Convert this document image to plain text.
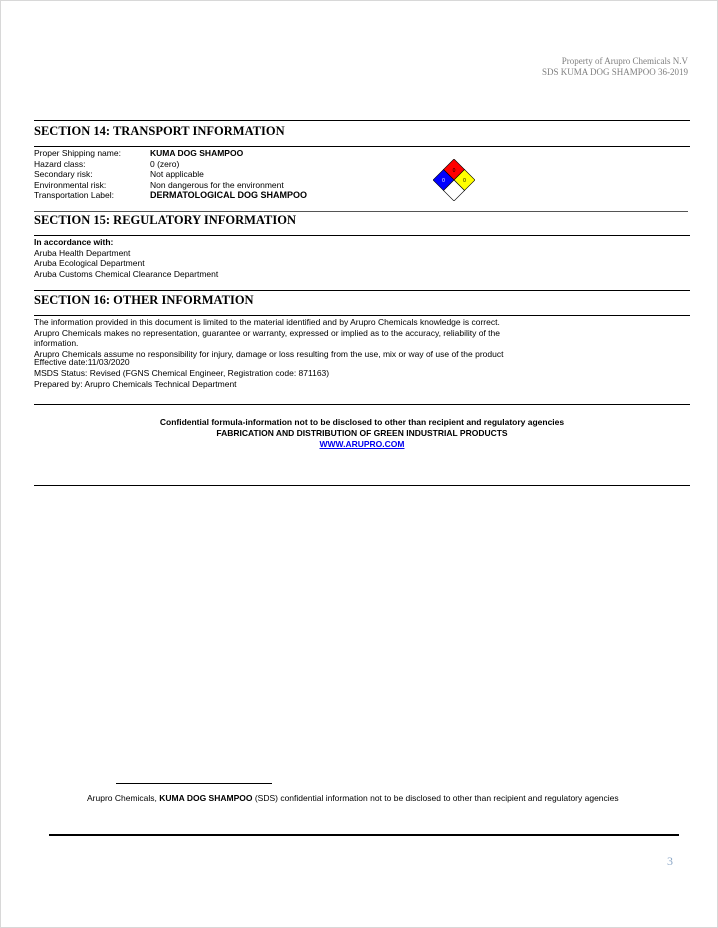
Property of Arupro Chemicals N.V
SDS KUMA DOG SHAMPOO 36-2019
SECTION 14: TRANSPORT INFORMATION
Proper Shipping name:	KUMA DOG SHAMPOO
Hazard class:	0 (zero)
Secondary risk:	Not applicable
Environmental risk:	Non dangerous for the environment
Transportation Label:	DERMATOLOGICAL DOG SHAMPOO
0
0	0
SECTION 15: REGULATORY INFORMATION
In accordance with:
Aruba Health Department
Aruba Ecological Department
Aruba Customs Chemical Clearance Department
SECTION 16: OTHER INFORMATION
The information provided in this document is limited to the material identified and by Arupro Chemicals knowledge is correct.
Arupro Chemicals makes no representation, guarantee or warranty, expressed or implied as to the accuracy, reliability of the
information.
Arupro Chemicals assume no responsibility for injury, damage or loss resulting from the use, mix or way of use of the product
Effective date:11/03/2020
MSDS Status: Revised (FGNS Chemical Engineer, Registration code: 871163)
Prepared by: Arupro Chemicals Technical Department
Confidential formula-information not to be disclosed to other than recipient and regulatory agencies
FABRICATION AND DISTRIBUTION OF GREEN INDUSTRIAL PRODUCTS
WWW.ARUPRO.COM
Arupro Chemicals, KUMA DOG SHAMPOO (SDS) confidential information not to be disclosed to other than recipient and regulatory agencies
3
